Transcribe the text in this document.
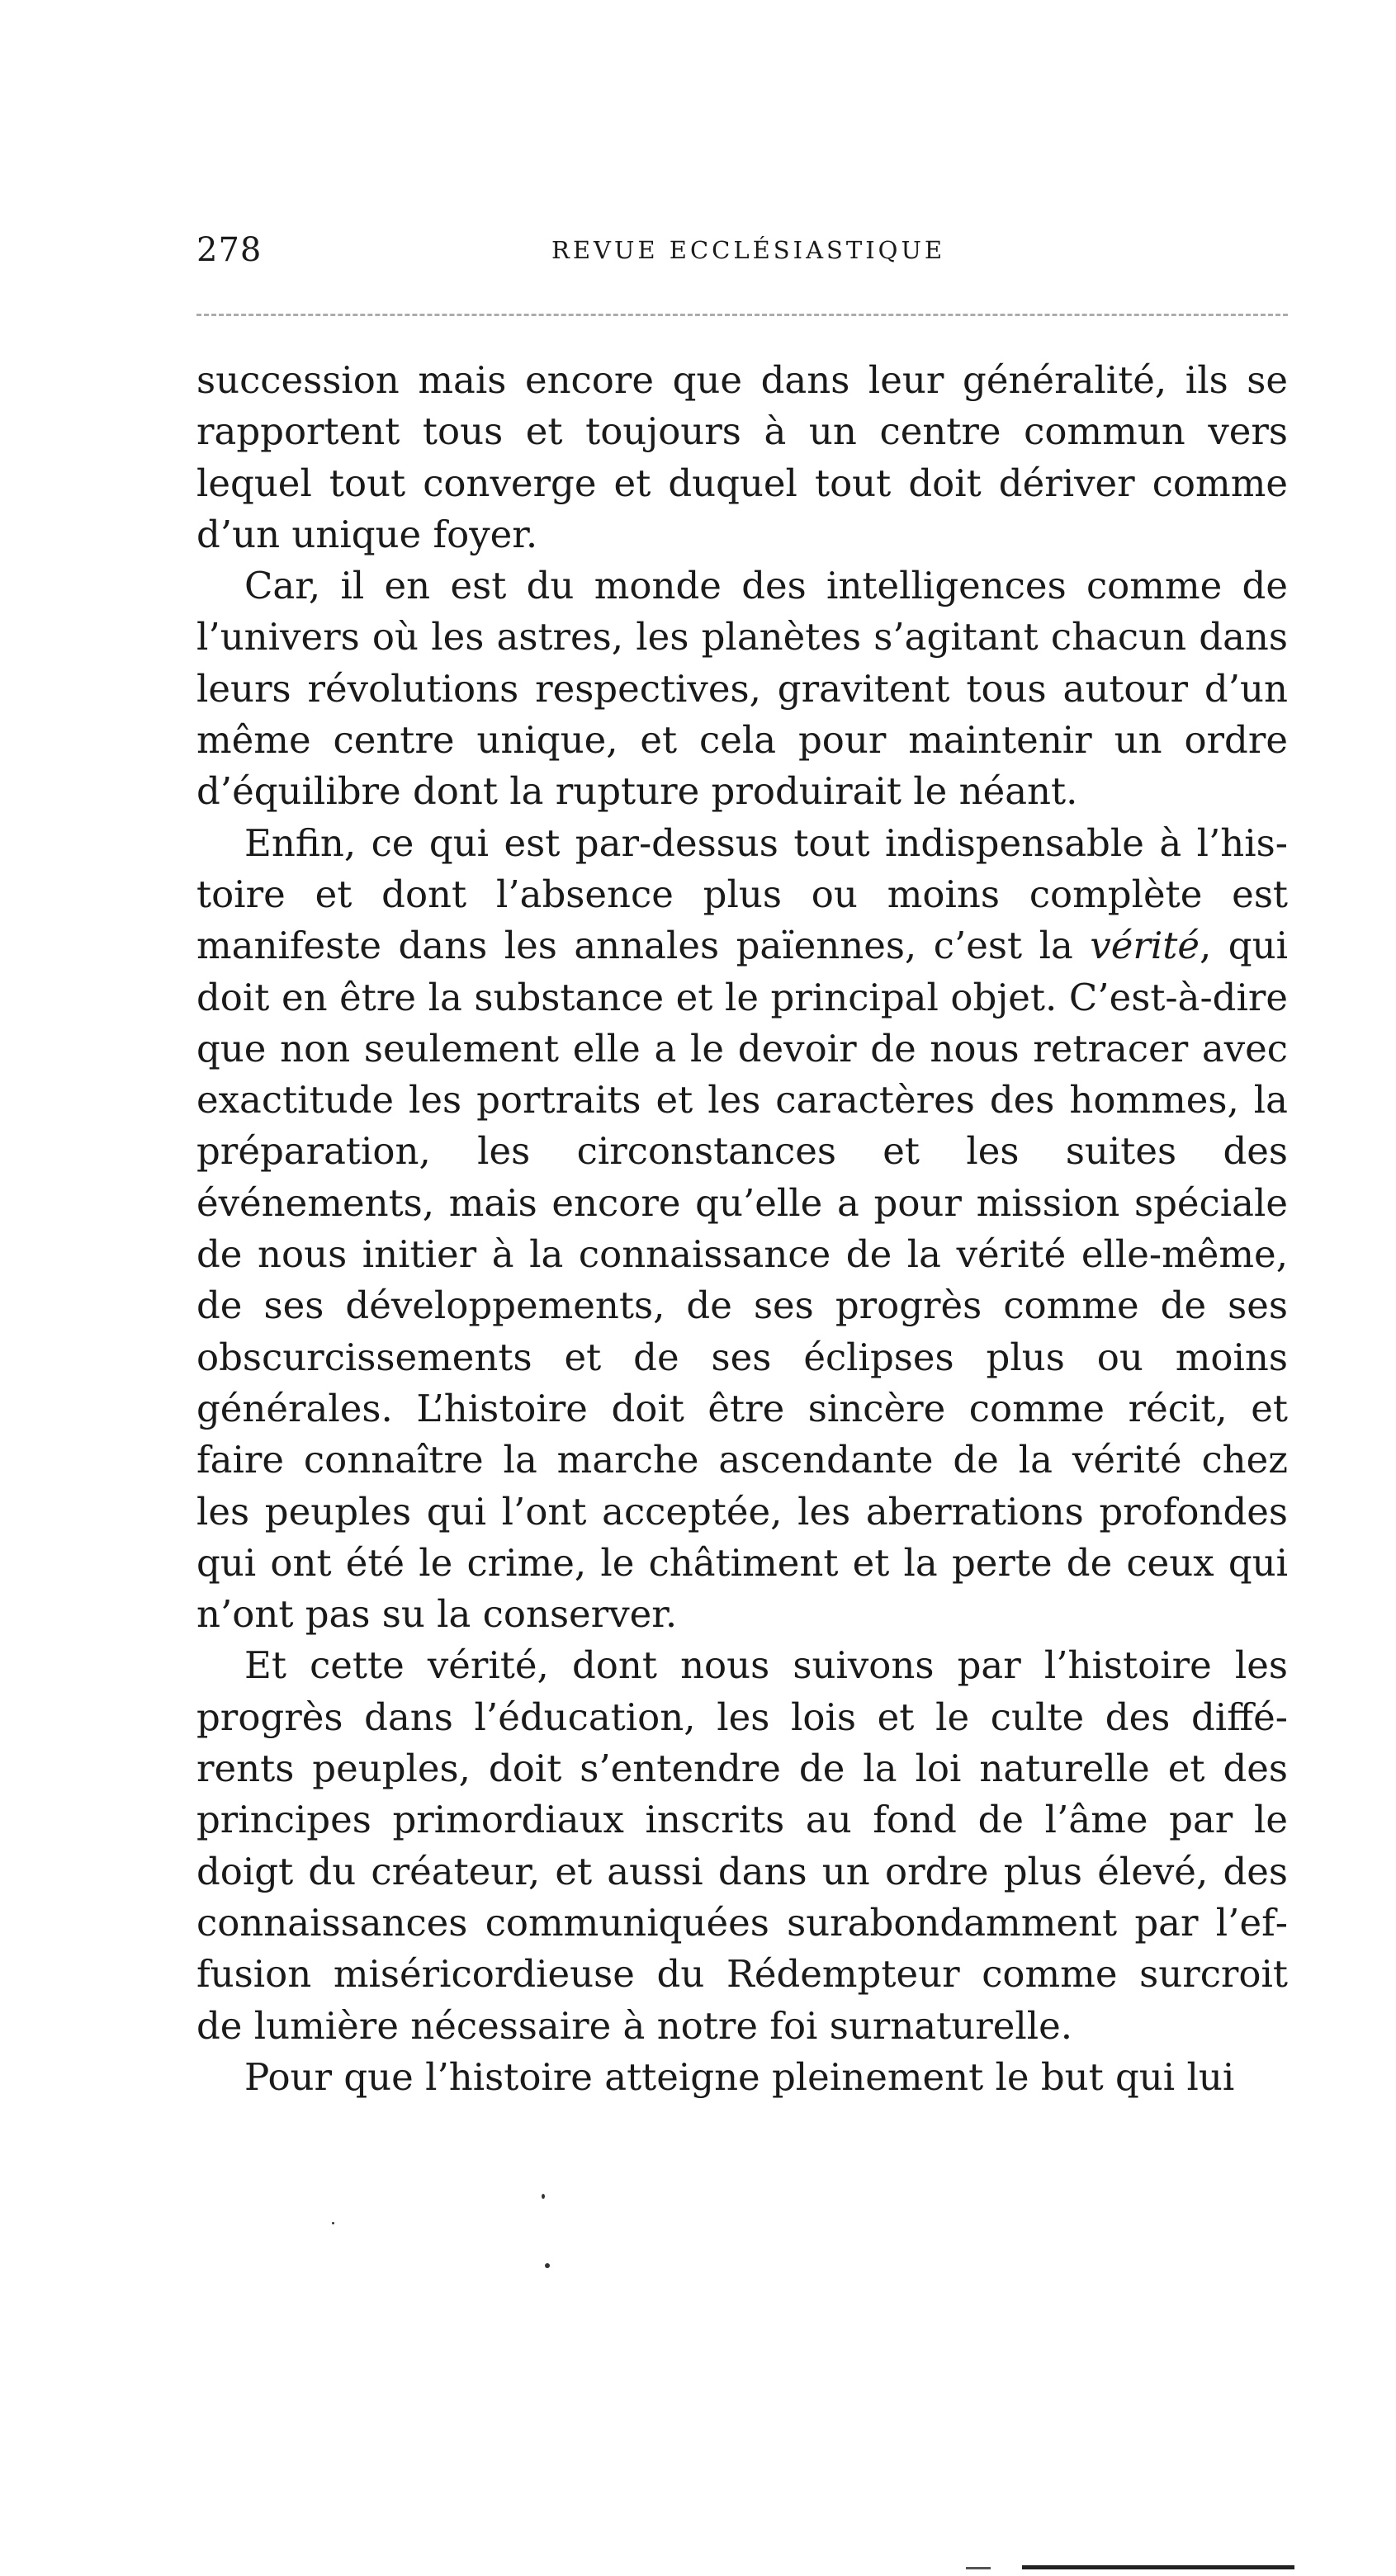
278	REVUE ECCLÉSIASTIQUE

succession mais encore que dans leur généralité, ils se rapportent tous et toujours à un centre commun vers lequel tout converge et duquel tout doit dériver comme d’un unique foyer.

Car, il en est du monde des intelligences comme de l’univers où les astres, les planètes s’agitant chacun dans leurs révolutions respectives, gravitent tous autour d’un même centre unique, et cela pour maintenir un ordre d’équilibre dont la rupture produirait le néant.

Enfin, ce qui est par-dessus tout indispensable à l’histoire et dont l’absence plus ou moins complète est manifeste dans les annales païennes, c’est la vérité, qui doit en être la substance et le principal objet. C’est-à-dire que non seulement elle a le devoir de nous retracer avec exactitude les portraits et les caractères des hommes, la préparation, les circonstances et les suites des événements, mais encore qu’elle a pour mission spéciale de nous initier à la connaissance de la vérité elle-même, de ses développements, de ses progrès comme de ses obscurcissements et de ses éclipses plus ou moins générales. L’histoire doit être sincère comme récit, et faire connaître la marche ascendante de la vérité chez les peuples qui l’ont acceptée, les aberrations profondes qui ont été le crime, le châtiment et la perte de ceux qui n’ont pas su la conserver.

Et cette vérité, dont nous suivons par l’histoire les progrès dans l’éducation, les lois et le culte des différents peuples, doit s’entendre de la loi naturelle et des principes primordiaux inscrits au fond de l’âme par le doigt du créateur, et aussi dans un ordre plus élevé, des connaissances communiquées surabondamment par l’effusion miséricordieuse du Rédempteur comme surcroit de lumière nécessaire à notre foi surnaturelle.

Pour que l’histoire atteigne pleinement le but qui lui
